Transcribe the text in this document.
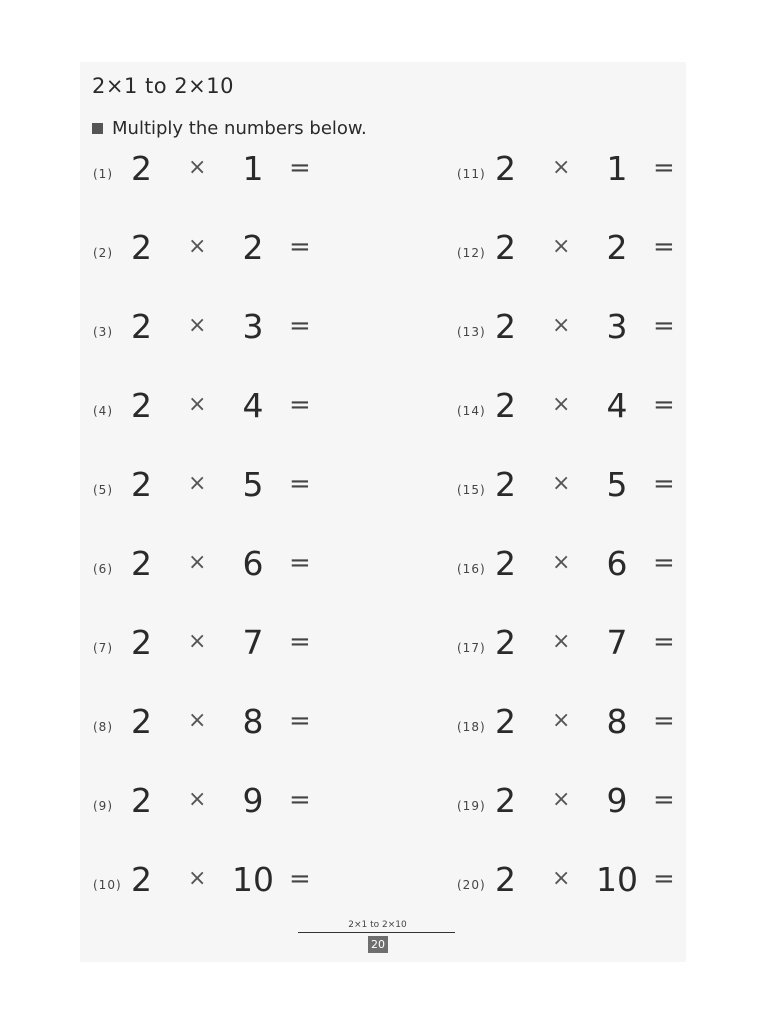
2×1 to 2×10
Multiply the numbers below.
(1) 2 ×	1 =
(2) 2 ×	2 =
(3) 2 ×	3 =
(4) 2 ×	4 =
(5) 2 ×	5 =
(6) 2 ×	6 =
(7) 2 ×	7 =
(8) 2 ×	8 =
(9) 2 ×	9 =
(10) 2 × 10 =
(11) 2 ×	1 =
(12) 2 ×	2 =
(13) 2 ×	3 =
(14) 2 ×	4 =
(15) 2 ×	5 =
(16) 2 ×	6 =
(17) 2 ×	7 =
(18) 2 ×	8 =
(19) 2 ×	9 =
(20) 2 × 10 =
2×1 to 2×10
20
